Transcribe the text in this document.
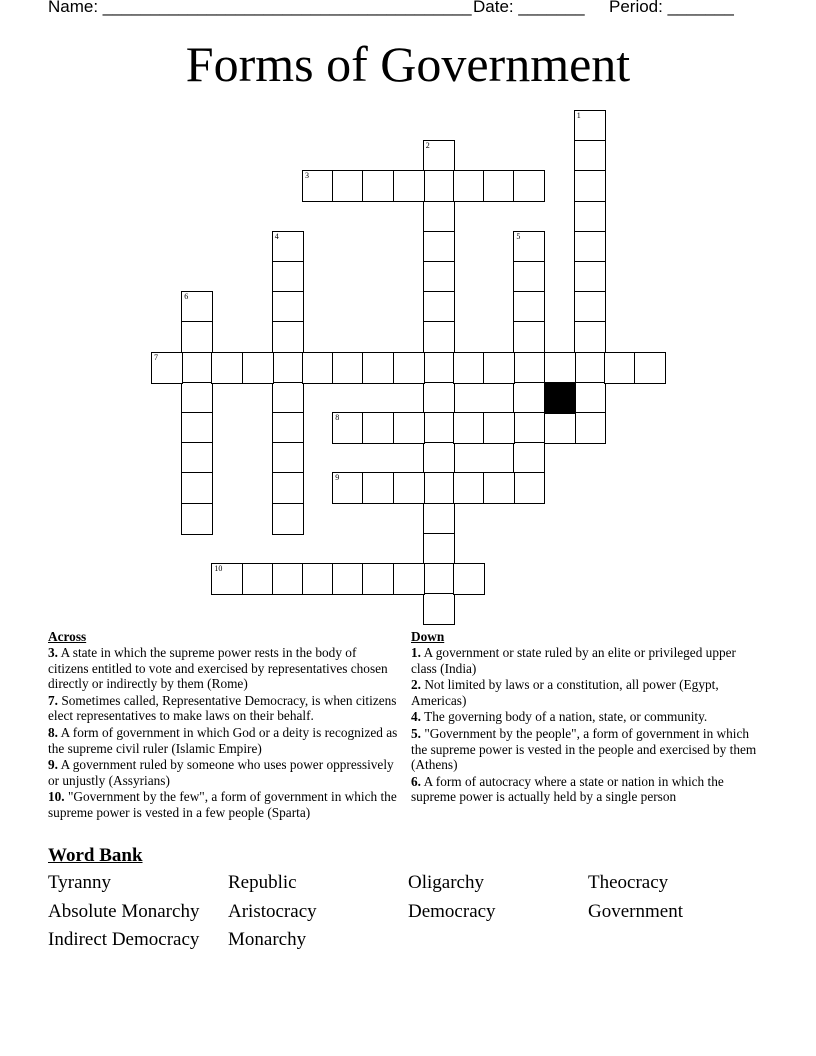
Name: _______________________________________

Date: _______

Period: _______

Forms of Government
1
2
3
4	5
6
7
8
9
10
Across
3. A state in which the supreme power rests in the body of citizens entitled to vote and exercised by representatives chosen directly or indirectly by them (Rome)
7. Sometimes called, Representative Democracy, is when citizens elect representatives to make laws on their behalf.
8. A form of government in which God or a deity is recognized as the supreme civil ruler (Islamic Empire)
9. A government ruled by someone who uses power oppressively or unjustly (Assyrians)
10. "Government by the few", a form of government in which the supreme power is vested in a few people (Sparta)
Down
1. A government or state ruled by an elite or privileged upper class (India)
2. Not limited by laws or a constitution, all power (Egypt, Americas)
4. The governing body of a nation, state, or community.
5. "Government by the people", a form of government in which the supreme power is vested in the people and exercised by them (Athens)
6. A form of autocracy where a state or nation in which the supreme power is actually held by a single person
Word Bank
Tyranny	Republic	Oligarchy	Theocracy
Absolute Monarchy	Aristocracy	Democracy	Government
Indirect Democracy	Monarchy
